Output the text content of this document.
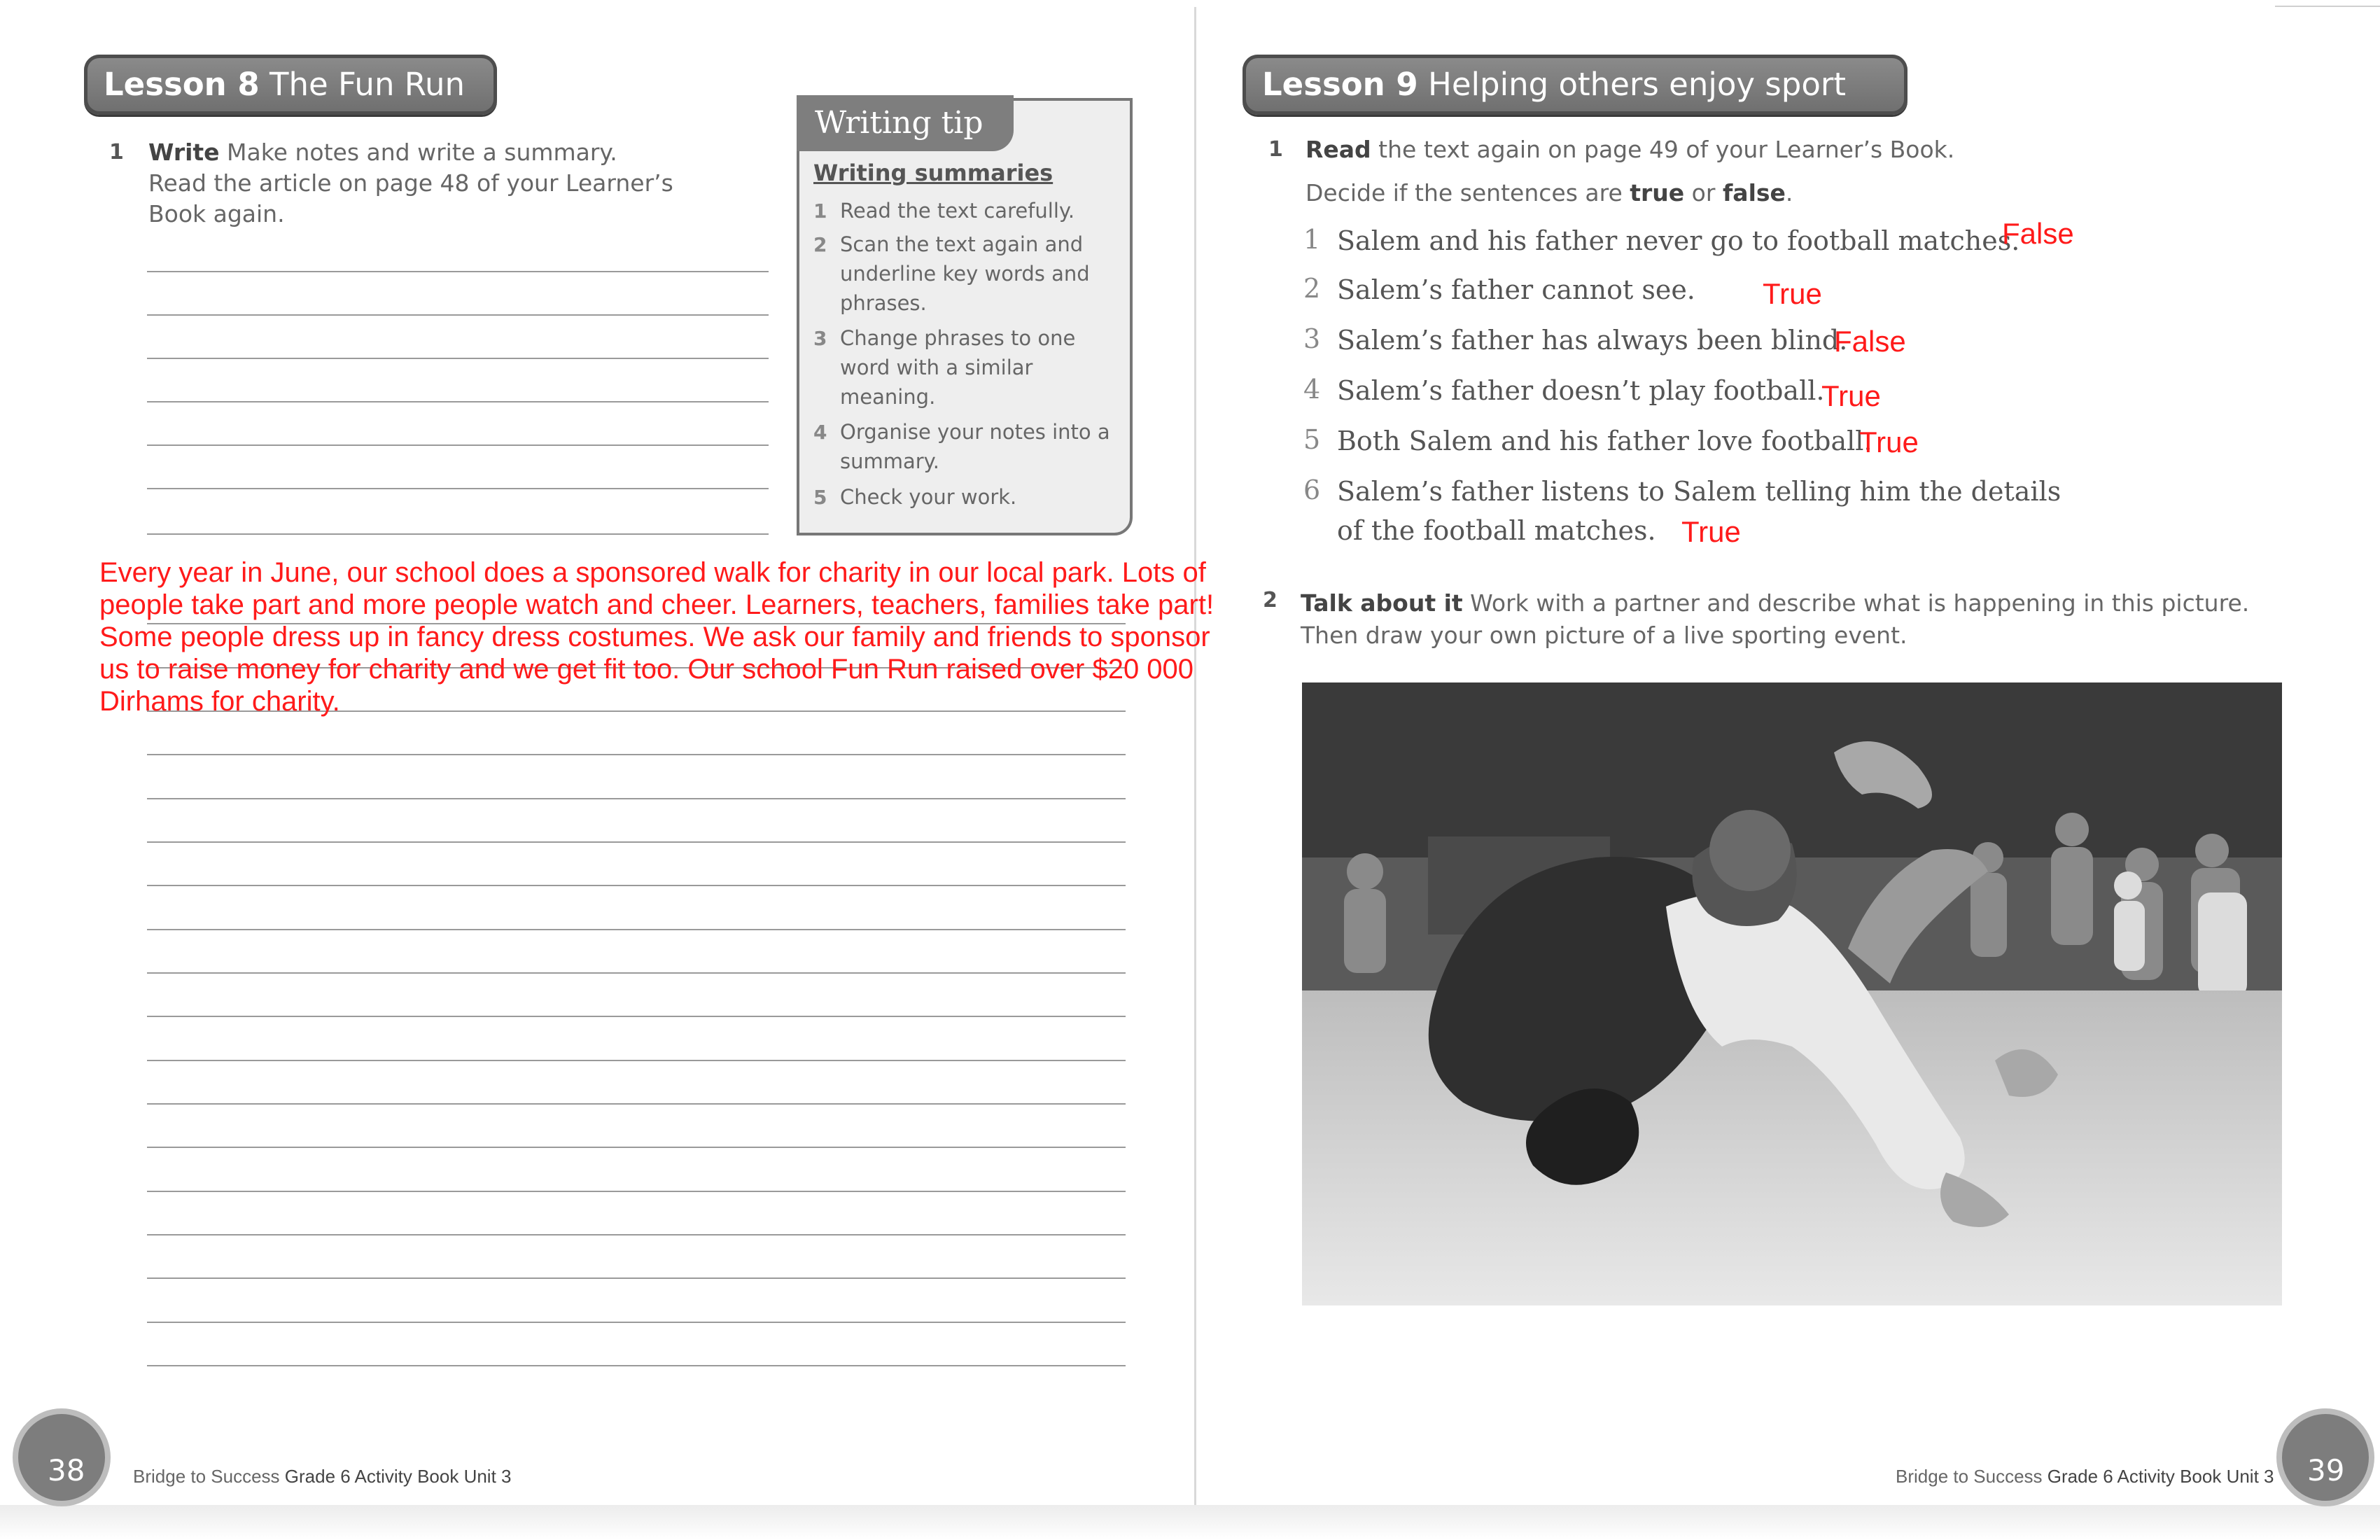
Lesson 8 The Fun Run
1 Write Make notes and write a summary.
Read the article on page 48 of your Learner’s
Book again.
Writing tip
Writing summaries
1 Read the text carefully.
2 Scan the text again and underline key words and phrases.
3 Change phrases to one word with a similar meaning.
4 Organise your notes into a summary.
5 Check your work.
Every year in June, our school does a sponsored walk for charity in our local park. Lots of people take part and more people watch and cheer. Learners, teachers, families take part! Some people dress up in fancy dress costumes. We ask our family and friends to sponsor us to raise money for charity and we get fit too. Our school Fun Run raised over $20 000 Dirhams for charity.
38	Bridge to Success Grade 6 Activity Book Unit 3
Lesson 9 Helping others enjoy sport
1 Read the text again on page 49 of your Learner’s Book.
Decide if the sentences are true or false.
1 Salem and his father never go to football matches.
False
2 Salem’s father cannot see. True
3 Salem’s father has always been blind.
False
4 Salem’s father doesn’t play football.
True
5 Both Salem and his father love football.
True
6 Salem’s father listens to Salem telling him the details
of the football matches. True
2 Talk about it Work with a partner and describe what is happening in this picture.
Then draw your own picture of a live sporting event.
Bridge to Success Grade 6 Activity Book Unit 3 39
